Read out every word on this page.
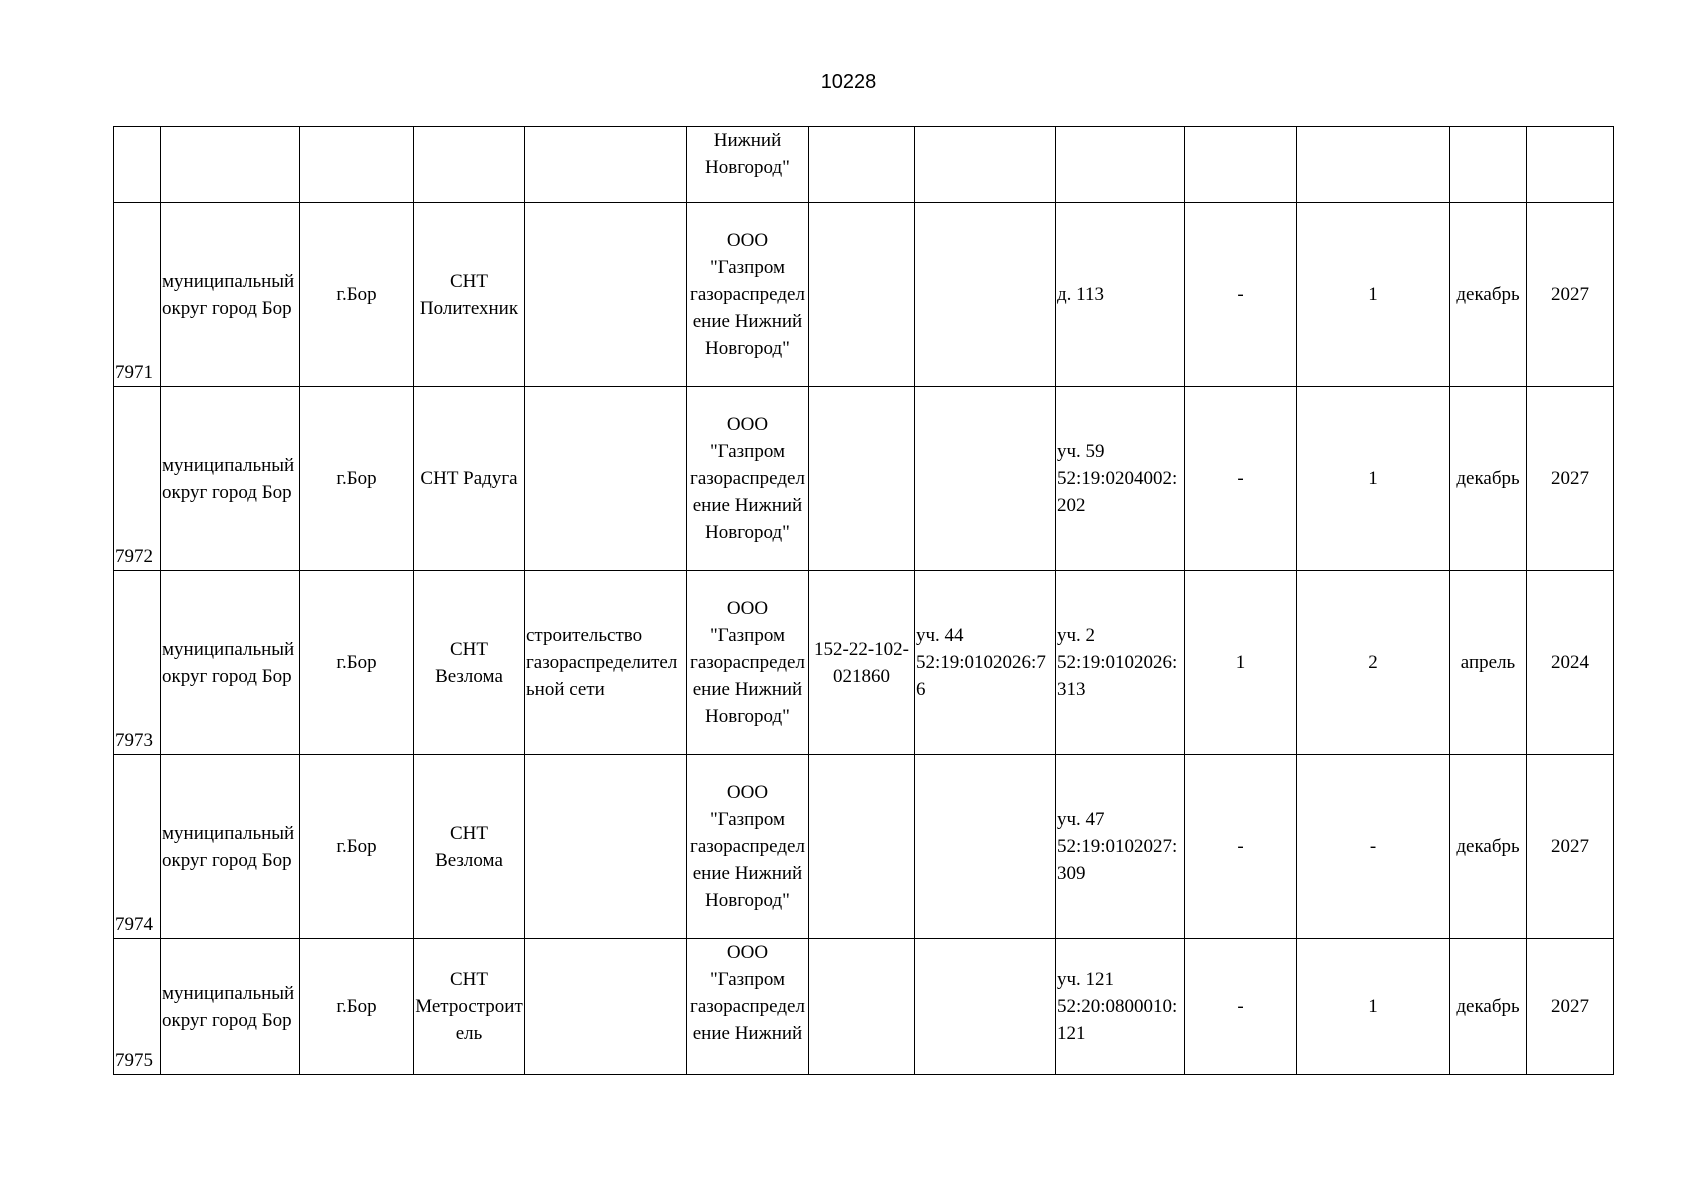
10228
					Нижний Новгород"							
7971	муниципальный округ город Бор	г.Бор	СНТ Политехник		ООО "Газпром газораспределение Нижний Новгород"			д. 113	-	1	декабрь	2027
7972	муниципальный округ город Бор	г.Бор	СНТ Радуга		ООО "Газпром газораспределение Нижний Новгород"			уч. 59 52:19:0204002:202	-	1	декабрь	2027
7973	муниципальный округ город Бор	г.Бор	СНТ Везлома	строительство газораспределительной сети	ООО "Газпром газораспределение Нижний Новгород"	152-22-102-021860	уч. 44 52:19:0102026:76	уч. 2 52:19:0102026:313	1	2	апрель	2024
7974	муниципальный округ город Бор	г.Бор	СНТ Везлома		ООО "Газпром газораспределение Нижний Новгород"			уч. 47 52:19:0102027:309	-	-	декабрь	2027
7975	муниципальный округ город Бор	г.Бор	СНТ Метростроитель		ООО "Газпром газораспределение Нижний			уч. 121 52:20:0800010:121	-	1	декабрь	2027
